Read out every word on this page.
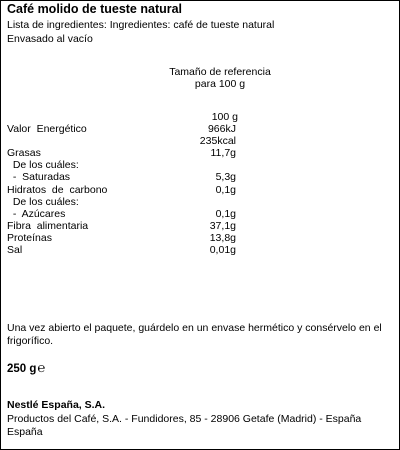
Café molido de tueste natural
Lista de ingredientes: Ingredientes: café de tueste natural
Envasado al vacío
Tamaño de referencia
para 100 g
100 g
Valor  Energético	966kJ
235kcal
Grasas	11,7g
De los cuáles:
-  Saturadas	5,3g
Hidratos  de  carbono	0,1g
De los cuáles:
-  Azúcares	0,1g
Fibra  alimentaria	37,1g
Proteínas	13,8g
Sal	0,01g
Una vez abierto el paquete, guárdelo en un envase hermético y consérvelo en el
frigorífico.
250 g℮
Nestlé España, S.A.
Productos del Café, S.A. - Fundidores, 85 - 28906 Getafe (Madrid) - España
España
